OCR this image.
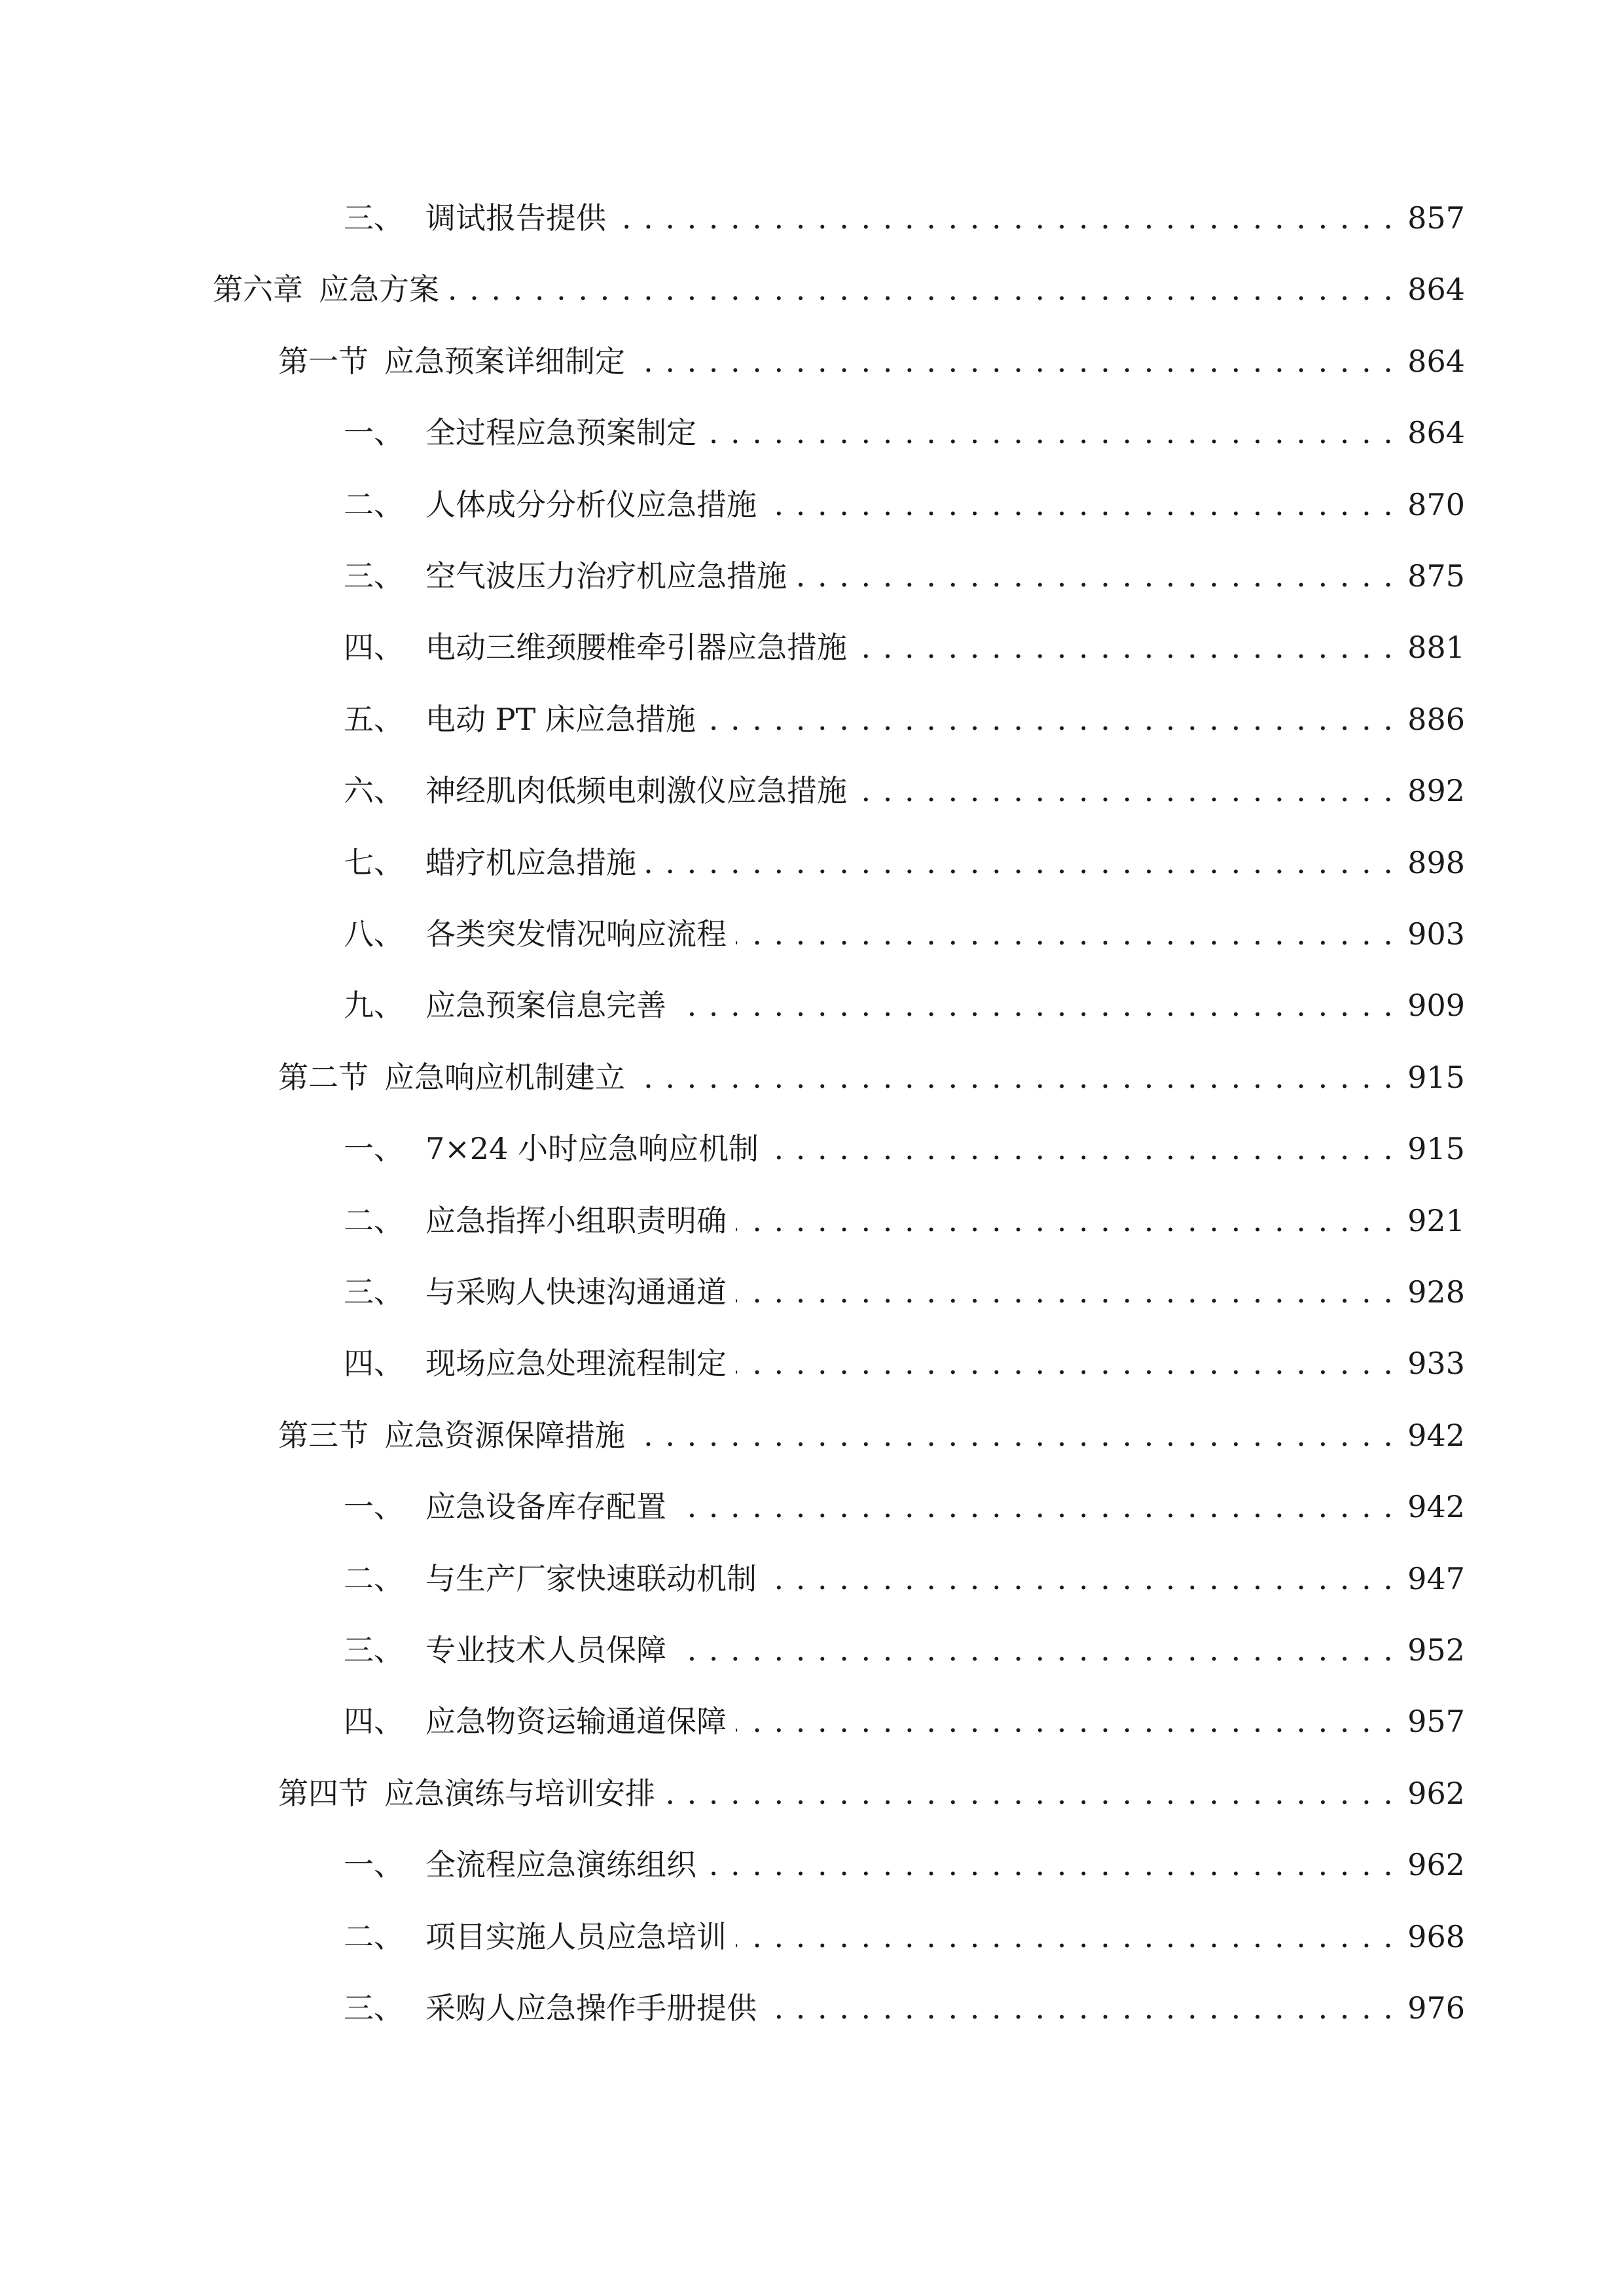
三、 调试报告提供 . . .	857
第六章 应急方案 . . .	864
第一节 应急预案详细制定 . . .	864
一、 全过程应急预案制定 . . .	864
二、 人体成分分析仪应急措施 . . .	870
三、 空气波压力治疗机应急措施 . . .	875
四、 电动三维颈腰椎牵引器应急措施 . . .	881
五、 电动 PT 床应急措施 . . .	886
六、 神经肌肉低频电刺激仪应急措施 . . .	892
七、 蜡疗机应急措施 . . .	898
八、 各类突发情况响应流程 . . .	903
九、 应急预案信息完善 . . .	909
第二节 应急响应机制建立 . . .	915
一、 7×24 小时应急响应机制 . . .	915
二、 应急指挥小组职责明确 . . .	921
三、 与采购人快速沟通通道 . . .	928
四、 现场应急处理流程制定 . . .	933
第三节 应急资源保障措施 . . .	942
一、 应急设备库存配置 . . .	942
二、 与生产厂家快速联动机制 . . .	947
三、 专业技术人员保障 . . .	952
四、 应急物资运输通道保障 . . .	957
第四节 应急演练与培训安排 . . .	962
一、 全流程应急演练组织 . . .	962
二、 项目实施人员应急培训 . . .	968
三、 采购人应急操作手册提供 . . .	976
